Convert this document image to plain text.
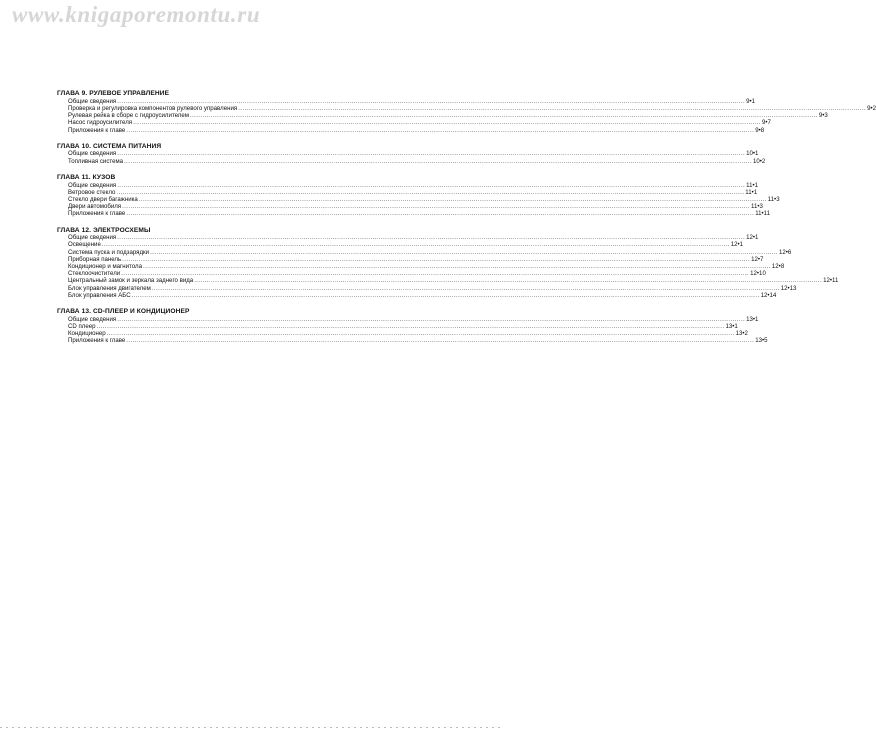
www.knigaporemontu.ru
ГЛАВА 9. РУЛЕВОЕ УПРАВЛЕНИЕ
Общие сведения ............................................................................................................................................................................................................................................................................................................ 9•1
Проверка и регулировка компонентов рулевого управления ............................................................................................................................................................................................................................................................................................................ 9•2
Рулевая рейка в сборе с гидроусилителем ............................................................................................................................................................................................................................................................................................................ 9•3
Насос гидроусилителя ............................................................................................................................................................................................................................................................................................................ 9•7
Приложения к главе ............................................................................................................................................................................................................................................................................................................ 9•8
ГЛАВА 10. СИСТЕМА ПИТАНИЯ
Общие сведения ............................................................................................................................................................................................................................................................................................................ 10•1
Топливная система ............................................................................................................................................................................................................................................................................................................ 10•2
ГЛАВА 11. КУЗОВ
Общие сведения ............................................................................................................................................................................................................................................................................................................ 11•1
Ветровое стекло ............................................................................................................................................................................................................................................................................................................ 11•1
Стекло двери багажника ............................................................................................................................................................................................................................................................................................................ 11•3
Двери автомобиля ............................................................................................................................................................................................................................................................................................................ 11•3
Приложения к главе ............................................................................................................................................................................................................................................................................................................ 11•11
ГЛАВА 12. ЭЛЕКТРОСХЕМЫ
Общие сведения ............................................................................................................................................................................................................................................................................................................ 12•1
Освещение ............................................................................................................................................................................................................................................................................................................ 12•1
Система пуска и подзарядки ............................................................................................................................................................................................................................................................................................................ 12•6
Приборная панель ............................................................................................................................................................................................................................................................................................................ 12•7
Кондиционер и магнитола ............................................................................................................................................................................................................................................................................................................ 12•8
Стеклоочистители ............................................................................................................................................................................................................................................................................................................ 12•10
Центральный замок и зеркала заднего вида ............................................................................................................................................................................................................................................................................................................ 12•11
Блок управления двигателем ............................................................................................................................................................................................................................................................................................................ 12•13
Блок управления АБС ............................................................................................................................................................................................................................................................................................................ 12•14
ГЛАВА 13. CD-ПЛЕЕР И КОНДИЦИОНЕР
Общие сведения ............................................................................................................................................................................................................................................................................................................ 13•1
CD плеер ............................................................................................................................................................................................................................................................................................................ 13•1
Кондиционер ............................................................................................................................................................................................................................................................................................................ 13•2
Приложения к главе ............................................................................................................................................................................................................................................................................................................ 13•5
